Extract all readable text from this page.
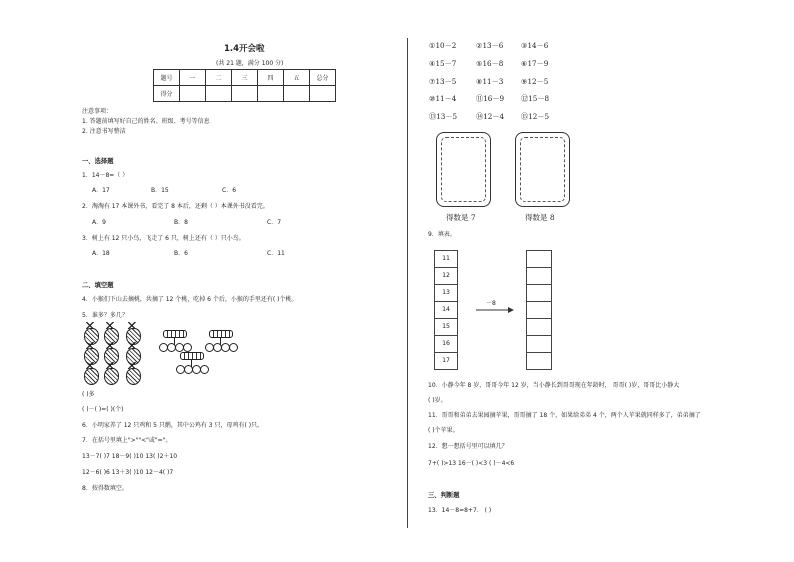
1.4开会啦
(共 21 题，满分 100 分)
题号	一	二	三	四	五	总分
得分						
注意事项：
1. 答题前填写好自己的姓名、班级、考号等信息
2. 注意书写整洁
一、选择题
1．14－8=（ ）
A．17	B．15	C．6
2．淘淘有 17 本课外书，看完了 8 本后，还剩（ ）本课外书没看完。
A．9	B．8	C．7
3．树上有 12 只小鸟，飞走了 6 只，树上还有（ ）只小鸟。
A．18	B．6	C．11
二、填空题
4．小猴们下山去摘桃，共摘了 12 个桃，吃掉 6 个后，小猴的手里还有( )个桃。
5．谁多？多几？
( )多
( )－( )=( )(个)
6．小明家养了 12 只鸡和 5 只鹅，其中公鸡有 3 只，母鸡有( )只。
7．在括号里填上">""<"或"="。
13－7( )7 18－9( )10 13( )2＋10
12－6( )6 13＋3( )10 12－4( )7
8．按得数填空。
①10－2	②13－6 ③14－6
④15－7	⑤16－8 ⑥17－9
⑦13－5	⑧11－3 ⑨12－5
⑩11－4	⑪16－9 ⑫15－8
⑬13－5	⑭12－4 ⑮12－5
得数是 7	得数是 8
9．填表。
11
12
13
14
15
16
17
－8
10．小静今年 8 岁，哥哥今年 12 岁，当小静长到哥哥现在年龄时， 哥哥( )岁，哥哥比小静大
( )岁。
11．哥哥和弟弟去果园摘苹果，哥哥摘了 18 个，如果给弟弟 4 个，两个人苹果就同样多了，弟弟摘了
( )个苹果。
12．想一想括号里可以填几？
7+( )>13 16－( )<3 ( )－4<6
三、判断题
13．14－8=8+7． ( )
